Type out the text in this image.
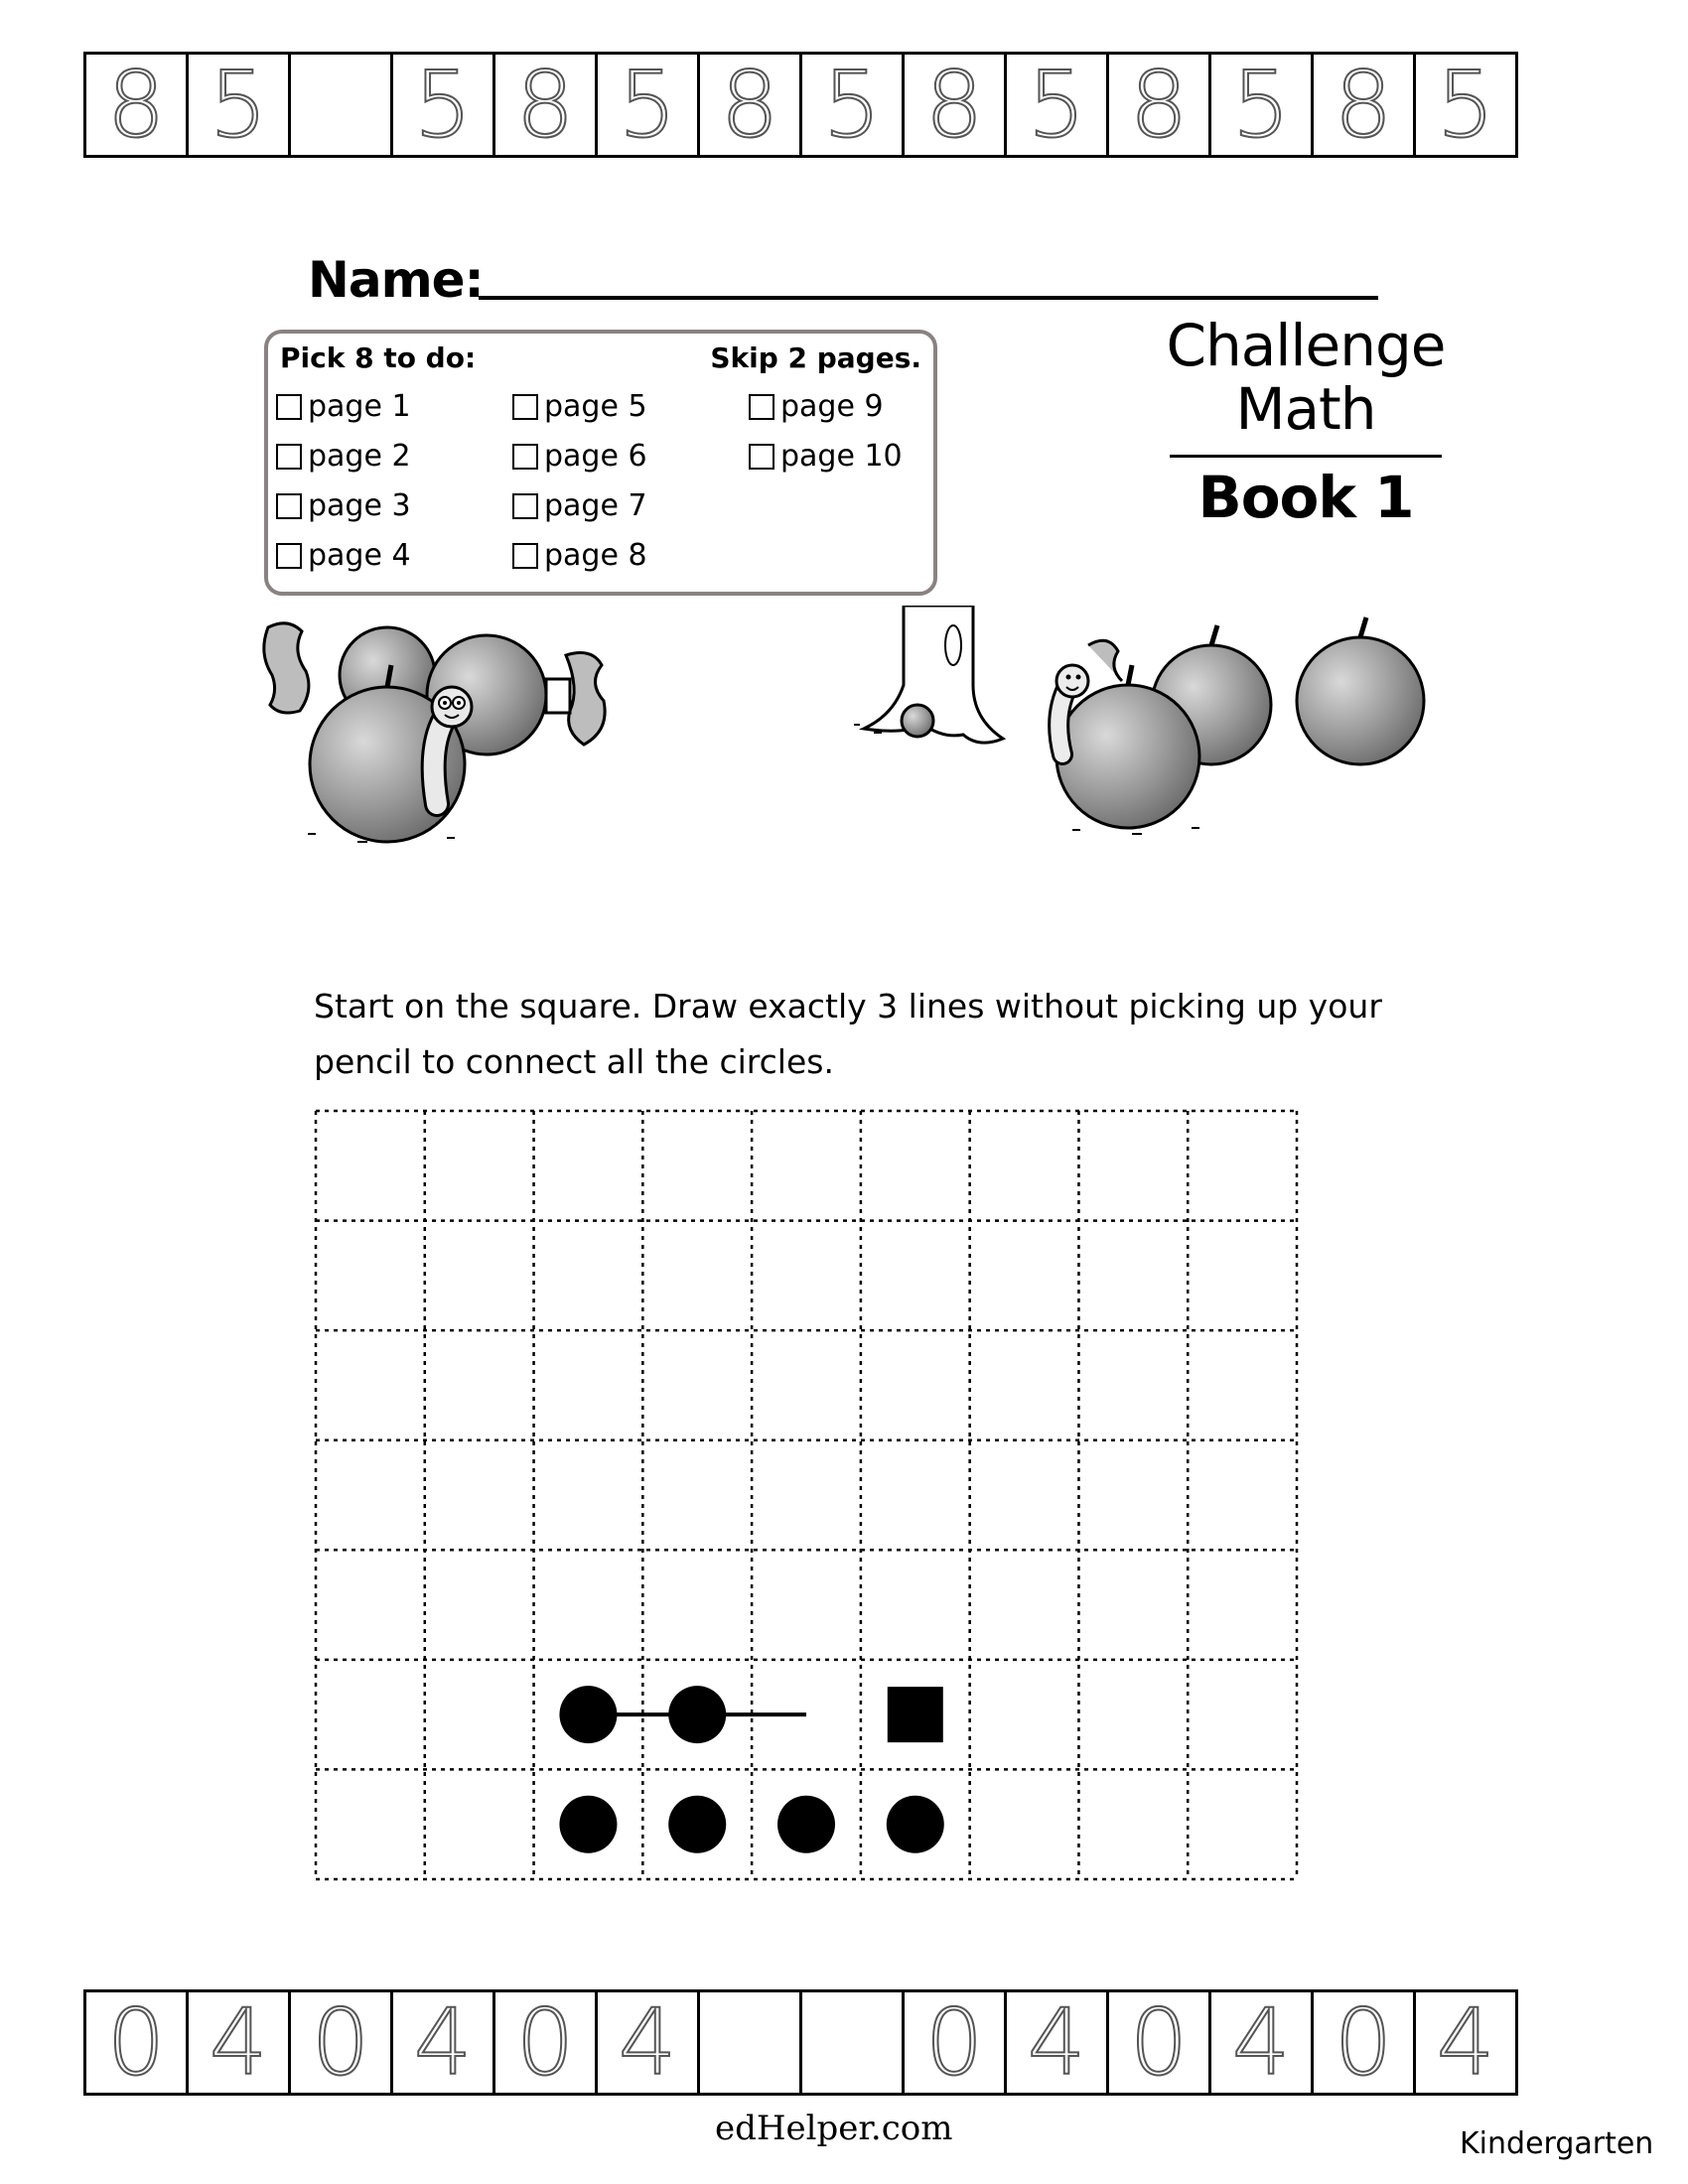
8 5 5 8 5 8 5 8 5 8 5 8 5
Name:
Pick 8 to do:	Skip 2 pages.
page 1
page 2
page 3
page 4
page 5
page 6
page 7
page 8
page 9
page 10
Challenge
Math
Book 1
Start on the square. Draw exactly 3 lines without picking up your
pencil to connect all the circles.
0 4 0 4 0 4	0 4 0 4 0 4
edHelper.com	Kindergarten
